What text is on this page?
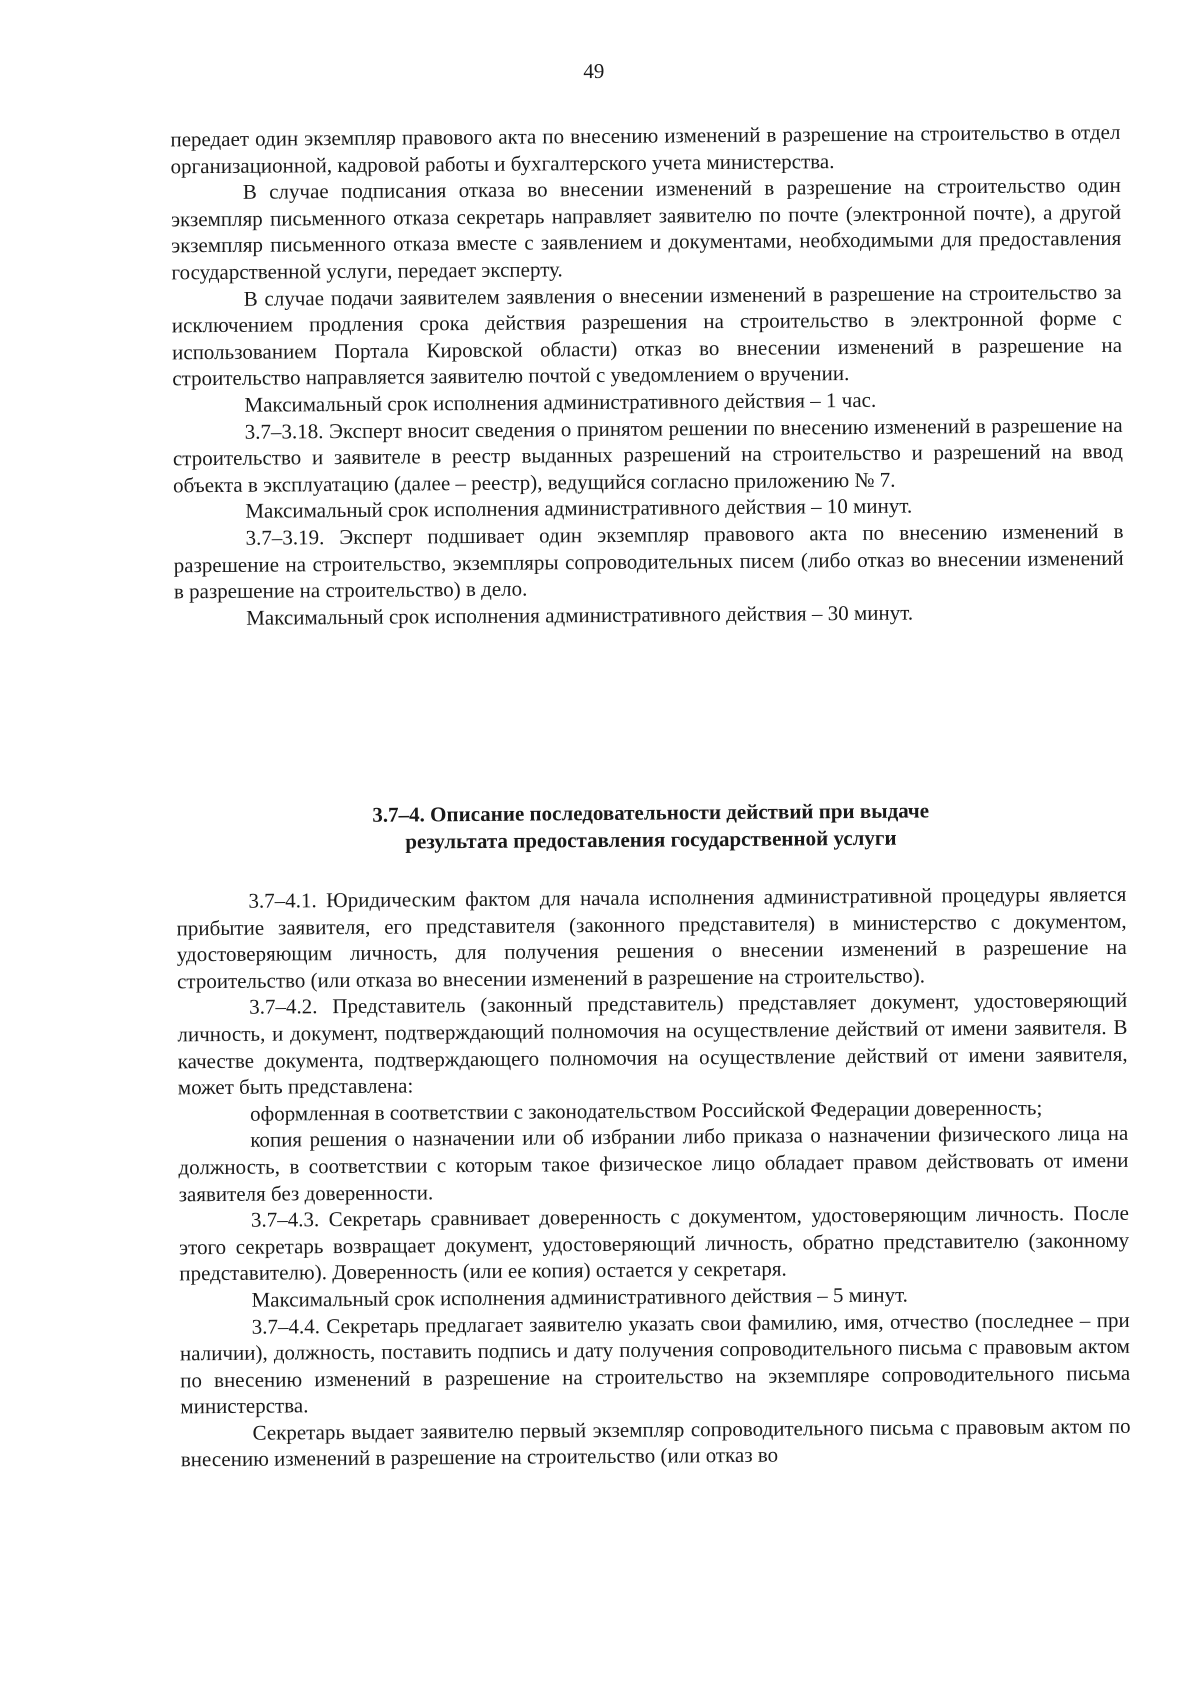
49

передает один экземпляр правового акта по внесению изменений в разрешение на строительство в отдел организационной, кадровой работы и бухгалтерского учета министерства.

В случае подписания отказа во внесении изменений в разрешение на строительство один экземпляр письменного отказа секретарь направляет заявителю по почте (электронной почте), а другой экземпляр письменного отказа вместе с заявлением и документами, необходимыми для предоставления государственной услуги, передает эксперту.

В случае подачи заявителем заявления о внесении изменений в разрешение на строительство за исключением продления срока действия разрешения на строительство в электронной форме с использованием Портала Кировской области) отказ во внесении изменений в разрешение на строительство направляется заявителю почтой с уведомлением о вручении.

Максимальный срок исполнения административного действия – 1 час.

3.7–3.18. Эксперт вносит сведения о принятом решении по внесению изменений в разрешение на строительство и заявителе в реестр выданных разрешений на строительство и разрешений на ввод объекта в эксплуатацию (далее – реестр), ведущийся согласно приложению № 7.

Максимальный срок исполнения административного действия – 10 минут.

3.7–3.19. Эксперт подшивает один экземпляр правового акта по внесению изменений в разрешение на строительство, экземпляры сопроводительных писем (либо отказ во внесении изменений в разрешение на строительство) в дело.

Максимальный срок исполнения административного действия – 30 минут.

3.7–4. Описание последовательности действий при выдаче
результата предоставления государственной услуги

3.7–4.1. Юридическим фактом для начала исполнения административной процедуры является прибытие заявителя, его представителя (законного представителя) в министерство с документом, удостоверяющим личность, для получения решения о внесении изменений в разрешение на строительство (или отказа во внесении изменений в разрешение на строительство).

3.7–4.2. Представитель (законный представитель) представляет документ, удостоверяющий личность, и документ, подтверждающий полномочия на осуществление действий от имени заявителя. В качестве документа, подтверждающего полномочия на осуществление действий от имени заявителя, может быть представлена:

оформленная в соответствии с законодательством Российской Федерации доверенность;

копия решения о назначении или об избрании либо приказа о назначении физического лица на должность, в соответствии с которым такое физическое лицо обладает правом действовать от имени заявителя без доверенности.

3.7–4.3. Секретарь сравнивает доверенность с документом, удостоверяющим личность. После этого секретарь возвращает документ, удостоверяющий личность, обратно представителю (законному представителю). Доверенность (или ее копия) остается у секретаря.

Максимальный срок исполнения административного действия – 5 минут.

3.7–4.4. Секретарь предлагает заявителю указать свои фамилию, имя, отчество (последнее – при наличии), должность, поставить подпись и дату получения сопроводительного письма с правовым актом по внесению изменений в разрешение на строительство на экземпляре сопроводительного письма министерства.

Секретарь выдает заявителю первый экземпляр сопроводительного письма с правовым актом по внесению изменений в разрешение на строительство (или отказ во
